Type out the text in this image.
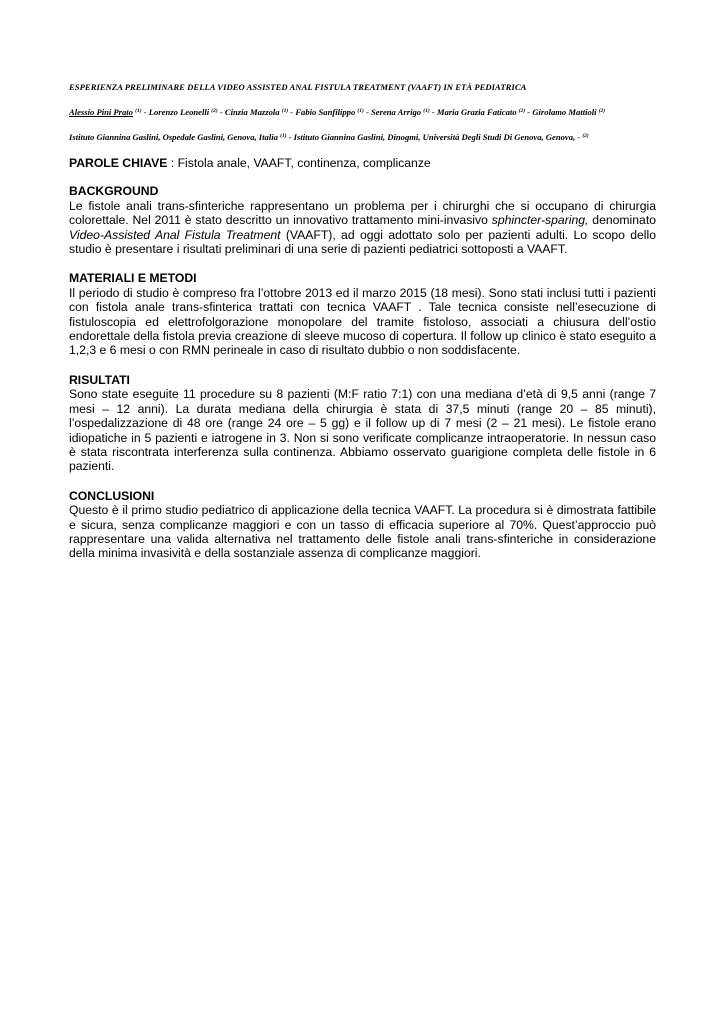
ESPERIENZA PRELIMINARE DELLA VIDEO ASSISTED ANAL FISTULA TREATMENT (VAAFT) IN ETÀ PEDIATRICA
Alessio Pini Prato $^{(1)}$ - Lorenzo Leonelli $^{(2)}$ - Cinzia Mazzola $^{(1)}$ - Fabio Sanfilippo $^{(1)}$ - Serena Arrigo $^{(1)}$ - Maria Grazia Faticato $^{(2)}$ - Girolamo Mattioli $^{(2)}$
Istituto Giannina Gaslini, Ospedale Gaslini, Genova, Italia $^{(1)}$ - Istituto Giannina Gaslini, Dinogmi, Università Degli Studi Di Genova, Genova, - $^{(2)}$
PAROLE CHIAVE : Fistola anale, VAAFT, continenza, complicanze
BACKGROUND

Le fistole anali trans-sfinteriche rappresentano un problema per i chirurghi che si occupano di chirurgia colorettale. Nel 2011 è stato descritto un innovativo trattamento mini-invasivo sphincter-sparing, denominato Video-Assisted Anal Fistula Treatment (VAAFT), ad oggi adottato solo per pazienti adulti. Lo scopo dello studio è presentare i risultati preliminari di una serie di pazienti pediatrici sottoposti a VAAFT.

MATERIALI E METODI

Il periodo di studio è compreso fra l’ottobre 2013 ed il marzo 2015 (18 mesi). Sono stati inclusi tutti i pazienti con fistola anale trans-sfinterica trattati con tecnica VAAFT . Tale tecnica consiste nell’esecuzione di fistuloscopia ed elettrofolgorazione monopolare del tramite fistoloso, associati a chiusura dell’ostio endorettale della fistola previa creazione di sleeve mucoso di copertura. Il follow up clinico è stato eseguito a 1,2,3 e 6 mesi o con RMN perineale in caso di risultato dubbio o non soddisfacente.

RISULTATI

Sono state eseguite 11 procedure su 8 pazienti (M:F ratio 7:1) con una mediana d’età di 9,5 anni (range 7 mesi – 12 anni). La durata mediana della chirurgia è stata di 37,5 minuti (range 20 – 85 minuti), l’ospedalizzazione di 48 ore (range 24 ore – 5 gg) e il follow up di 7 mesi (2 – 21 mesi). Le fistole erano idiopatiche in 5 pazienti e iatrogene in 3. Non si sono verificate complicanze intraoperatorie. In nessun caso è stata riscontrata interferenza sulla continenza. Abbiamo osservato guarigione completa delle fistole in 6 pazienti.

CONCLUSIONI

Questo è il primo studio pediatrico di applicazione della tecnica VAAFT. La procedura si è dimostrata fattibile e sicura, senza complicanze maggiori e con un tasso di efficacia superiore al 70%. Quest’approccio può rappresentare una valida alternativa nel trattamento delle fistole anali trans-sfinteriche in considerazione della minima invasività e della sostanziale assenza di complicanze maggiori.
